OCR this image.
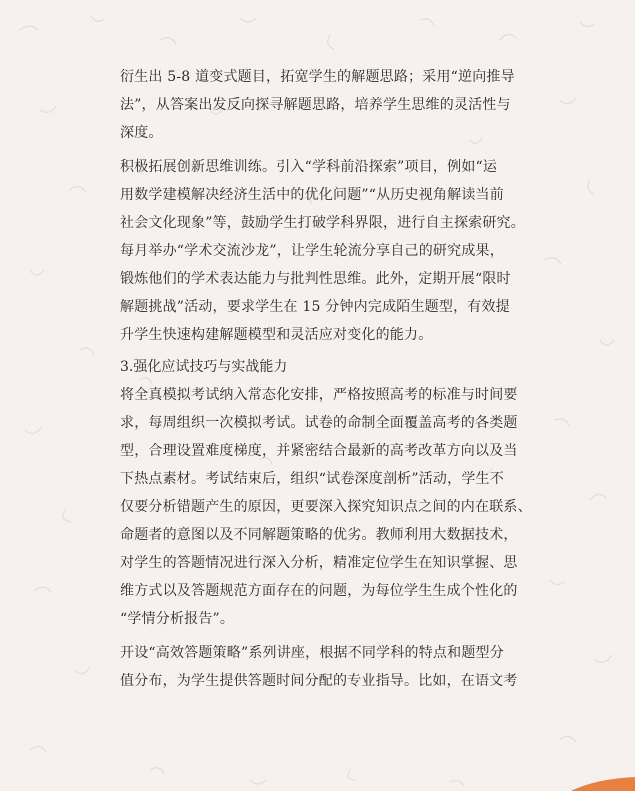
衍生出 5-8 道变式题目，拓宽学生的解题思路；采用“逆向推导
法”，从答案出发反向探寻解题思路，培养学生思维的灵活性与
深度。

积极拓展创新思维训练。引入“学科前沿探索”项目，例如“运
用数学建模解决经济生活中的优化问题”“从历史视角解读当前
社会文化现象”等，鼓励学生打破学科界限，进行自主探索研究。
每月举办“学术交流沙龙”，让学生轮流分享自己的研究成果，
锻炼他们的学术表达能力与批判性思维。此外，定期开展“限时
解题挑战”活动，要求学生在 15 分钟内完成陌生题型，有效提
升学生快速构建解题模型和灵活应对变化的能力。

3.强化应试技巧与实战能力

将全真模拟考试纳入常态化安排，严格按照高考的标准与时间要
求，每周组织一次模拟考试。试卷的命制全面覆盖高考的各类题
型，合理设置难度梯度，并紧密结合最新的高考改革方向以及当
下热点素材。考试结束后，组织“试卷深度剖析”活动，学生不
仅要分析错题产生的原因，更要深入探究知识点之间的内在联系、
命题者的意图以及不同解题策略的优劣。教师利用大数据技术，
对学生的答题情况进行深入分析，精准定位学生在知识掌握、思
维方式以及答题规范方面存在的问题，为每位学生生成个性化的
“学情分析报告”。

开设“高效答题策略”系列讲座，根据不同学科的特点和题型分
值分布，为学生提供答题时间分配的专业指导。比如，在语文考
